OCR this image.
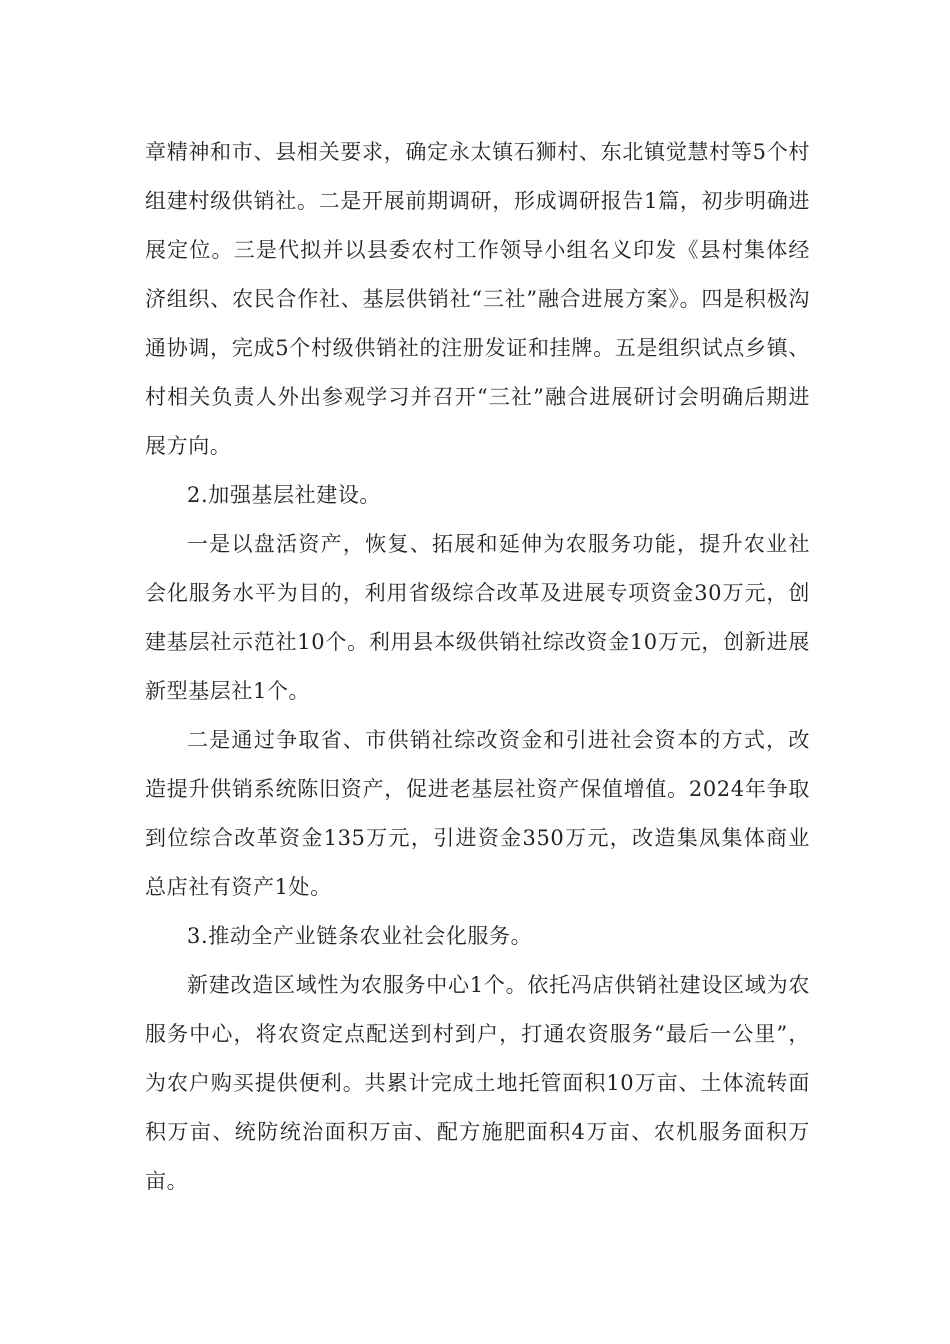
章精神和市、县相关要求，确定永太镇石狮村、东北镇觉慧村等5个村组建村级供销社。二是开展前期调研，形成调研报告1篇，初步明确进展定位。三是代拟并以县委农村工作领导小组名义印发《县村集体经济组织、农民合作社、基层供销社“三社”融合进展方案》。四是积极沟通协调，完成5个村级供销社的注册发证和挂牌。五是组织试点乡镇、村相关负责人外出参观学习并召开“三社”融合进展研讨会明确后期进展方向。

2.加强基层社建设。

一是以盘活资产，恢复、拓展和延伸为农服务功能，提升农业社会化服务水平为目的，利用省级综合改革及进展专项资金30万元，创建基层社示范社10个。利用县本级供销社综改资金10万元，创新进展新型基层社1个。

二是通过争取省、市供销社综改资金和引进社会资本的方式，改造提升供销系统陈旧资产，促进老基层社资产保值增值。2024年争取到位综合改革资金135万元，引进资金350万元，改造集凤集体商业总店社有资产1处。

3.推动全产业链条农业社会化服务。

新建改造区域性为农服务中心1个。依托冯店供销社建设区域为农服务中心，将农资定点配送到村到户，打通农资服务“最后一公里”，为农户购买提供便利。共累计完成土地托管面积10万亩、土体流转面积万亩、统防统治面积万亩、配方施肥面积4万亩、农机服务面积万亩。
